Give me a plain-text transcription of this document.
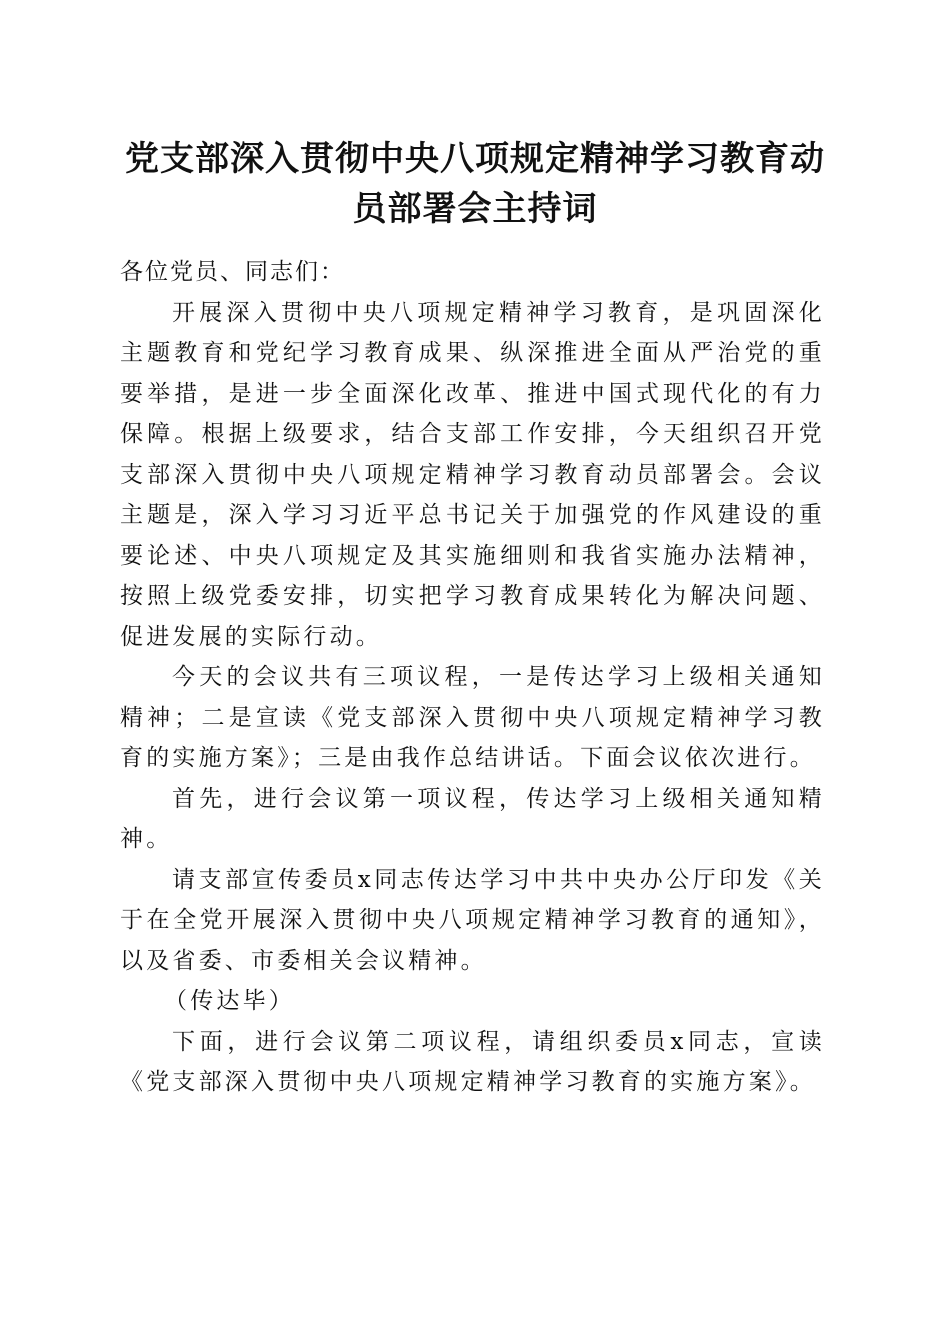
党支部深入贯彻中央八项规定精神学习教育动
员部署会主持词

各位党员、同志们：

开展深入贯彻中央八项规定精神学习教育，是巩固深化主题教育和党纪学习教育成果、纵深推进全面从严治党的重要举措，是进一步全面深化改革、推进中国式现代化的有力保障。根据上级要求，结合支部工作安排，今天组织召开党支部深入贯彻中央八项规定精神学习教育动员部署会。会议主题是，深入学习习近平总书记关于加强党的作风建设的重要论述、中央八项规定及其实施细则和我省实施办法精神，按照上级党委安排，切实把学习教育成果转化为解决问题、促进发展的实际行动。

今天的会议共有三项议程，一是传达学习上级相关通知精神；二是宣读《党支部深入贯彻中央八项规定精神学习教育的实施方案》；三是由我作总结讲话。下面会议依次进行。

首先，进行会议第一项议程，传达学习上级相关通知精神。

请支部宣传委员x同志传达学习中共中央办公厅印发《关于在全党开展深入贯彻中央八项规定精神学习教育的通知》，以及省委、市委相关会议精神。

（传达毕）

下面，进行会议第二项议程，请组织委员x同志，宣读《党支部深入贯彻中央八项规定精神学习教育的实施方案》。
